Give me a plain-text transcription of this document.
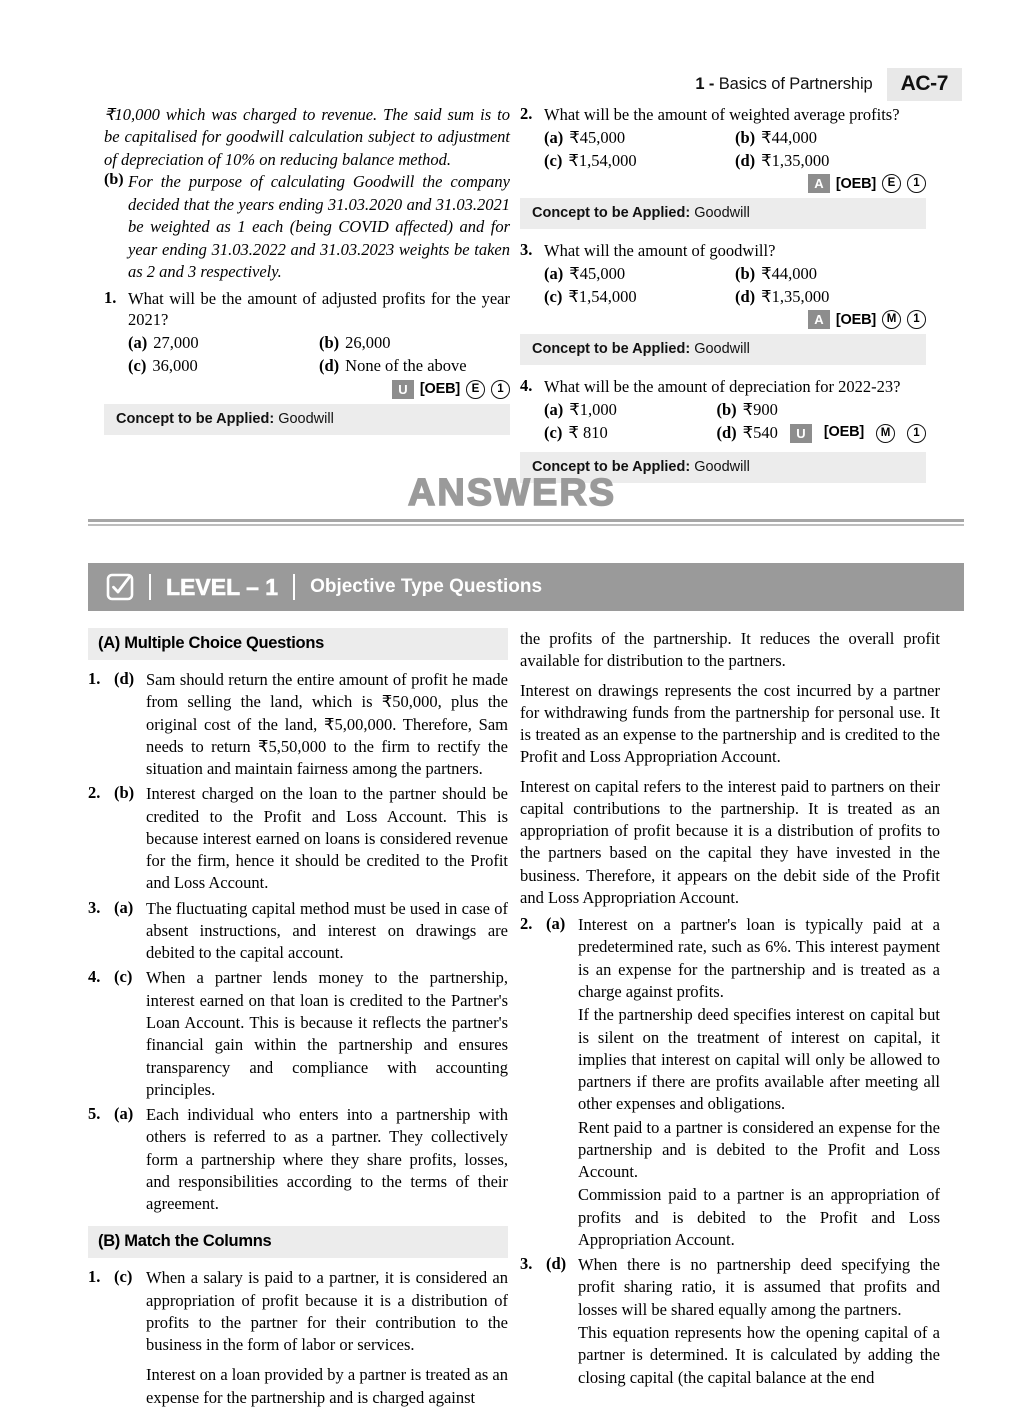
1 - Basics of Partnership	AC-7
₹10,000 which was charged to revenue. The said sum is to be capitalised for goodwill calculation subject to adjustment of depreciation of 10% on reducing balance method.
(b) For the purpose of calculating Goodwill the company decided that the years ending 31.03.2020 and 31.03.2021 be weighted as 1 each (being COVID affected) and for year ending 31.03.2022 and 31.03.2023 weights be taken as 2 and 3 respectively.
1. What will be the amount of adjusted profits for the year 2021?
(a) 27,000	(b) 26,000
(c) 36,000	(d) None of the above
U [OEB]	E	1
Concept to be Applied: Goodwill
2. What will be the amount of weighted average profits?
(a) ₹45,000	(b) ₹44,000
(c) ₹1,54,000	(d) ₹1,35,000
A [OEB]	E	1
Concept to be Applied: Goodwill
3. What will the amount of goodwill?
(a) ₹45,000	(b) ₹44,000
(c) ₹1,54,000	(d) ₹1,35,000
A [OEB] M	1
Concept to be Applied: Goodwill
4. What will be the amount of depreciation for 2022-23?
(a) ₹1,000	(b) ₹900
(c) ₹ 810	(d) ₹540	U	[OEB]	M	1
Concept to be Applied: Goodwill
ANSWERS
LEVEL – 1 Objective Type Questions
(A) Multiple Choice Questions
1. (d) Sam should return the entire amount of profit he made from selling the land, which is ₹50,000, plus the original cost of the land, ₹5,00,000. Therefore, Sam needs to return ₹5,50,000 to the firm to rectify the situation and maintain fairness among the partners.

2. (b) Interest charged on the loan to the partner should be credited to the Profit and Loss Account. This is because interest earned on loans is considered revenue for the firm, hence it should be credited to the Profit and Loss Account.

3. (a) The fluctuating capital method must be used in case of absent instructions, and interest on drawings are debited to the capital account.

4. (c) When a partner lends money to the partnership, interest earned on that loan is credited to the Partner's Loan Account. This is because it reflects the partner's financial gain within the partnership and ensures transparency and compliance with accounting principles.

5. (a) Each individual who enters into a partnership with others is referred to as a partner. They collectively form a partnership where they share profits, losses, and responsibilities according to the terms of their agreement.

(B) Match the Columns
1. (c) When a salary is paid to a partner, it is considered an appropriation of profit because it is a distribution of profits to the partner for their contribution to the business in the form of labor or services.

Interest on a loan provided by a partner is treated as an expense for the partnership and is charged against

the profits of the partnership. It reduces the overall profit available for distribution to the partners.

Interest on drawings represents the cost incurred by a partner for withdrawing funds from the partnership for personal use. It is treated as an expense to the partnership and is credited to the Profit and Loss Appropriation Account.

Interest on capital refers to the interest paid to partners on their capital contributions to the partnership. It is treated as an appropriation of profit because it is a distribution of profits to the partners based on the capital they have invested in the business. Therefore, it appears on the debit side of the Profit and Loss Appropriation Account.

2. (a) Interest on a partner's loan is typically paid at a predetermined rate, such as 6%. This interest payment is an expense for the partnership and is treated as a charge against profits.

If the partnership deed specifies interest on capital but is silent on the treatment of interest on capital, it implies that interest on capital will only be allowed to partners if there are profits available after meeting all other expenses and obligations.

Rent paid to a partner is considered an expense for the partnership and is debited to the Profit and Loss Account.

Commission paid to a partner is an appropriation of profits and is debited to the Profit and Loss Appropriation Account.

3. (d) When there is no partnership deed specifying the profit sharing ratio, it is assumed that profits and losses will be shared equally among the partners.

This equation represents how the opening capital of a partner is determined. It is calculated by adding the closing capital (the capital balance at the end
